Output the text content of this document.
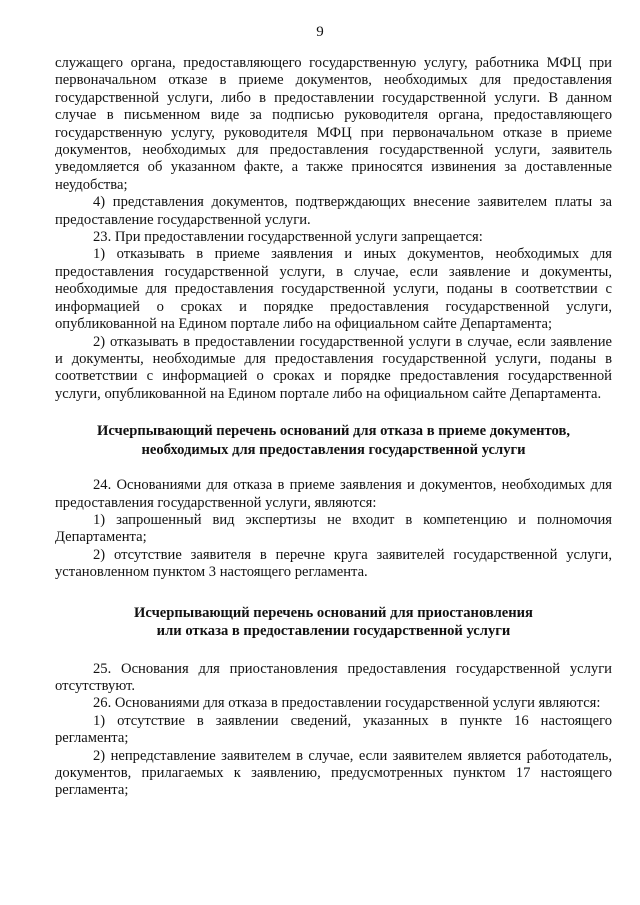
9

служащего органа, предоставляющего государственную услугу, работника МФЦ при первоначальном отказе в приеме документов, необходимых для предоставления государственной услуги, либо в предоставлении государственной услуги. В данном случае в письменном виде за подписью руководителя органа, предоставляющего государственную услугу, руководителя МФЦ при первоначальном отказе в приеме документов, необходимых для предоставления государственной услуги, заявитель уведомляется об указанном факте, а также приносятся извинения за доставленные неудобства;

4) представления документов, подтверждающих внесение заявителем платы за предоставление государственной услуги.

23. При предоставлении государственной услуги запрещается:

1) отказывать в приеме заявления и иных документов, необходимых для предоставления государственной услуги, в случае, если заявление и документы, необходимые для предоставления государственной услуги, поданы в соответствии с информацией о сроках и порядке предоставления государственной услуги, опубликованной на Едином портале либо на официальном сайте Департамента;

2) отказывать в предоставлении государственной услуги в случае, если заявление и документы, необходимые для предоставления государственной услуги, поданы в соответствии с информацией о сроках и порядке предоставления государственной услуги, опубликованной на Едином портале либо на официальном сайте Департамента.

Исчерпывающий перечень оснований для отказа в приеме документов,

необходимых для предоставления государственной услуги

24. Основаниями для отказа в приеме заявления и документов, необходимых для предоставления государственной услуги, являются:

1) запрошенный вид экспертизы не входит в компетенцию и полномочия Департамента;

2) отсутствие заявителя в перечне круга заявителей государственной услуги, установленном пунктом 3 настоящего регламента.

Исчерпывающий перечень оснований для приостановления

или отказа в предоставлении государственной услуги

25. Основания для приостановления предоставления государственной услуги отсутствуют.

26. Основаниями для отказа в предоставлении государственной услуги являются:

1) отсутствие в заявлении сведений, указанных в пункте 16 настоящего регламента;

2) непредставление заявителем в случае, если заявителем является работодатель, документов, прилагаемых к заявлению, предусмотренных пунктом 17 настоящего регламента;
